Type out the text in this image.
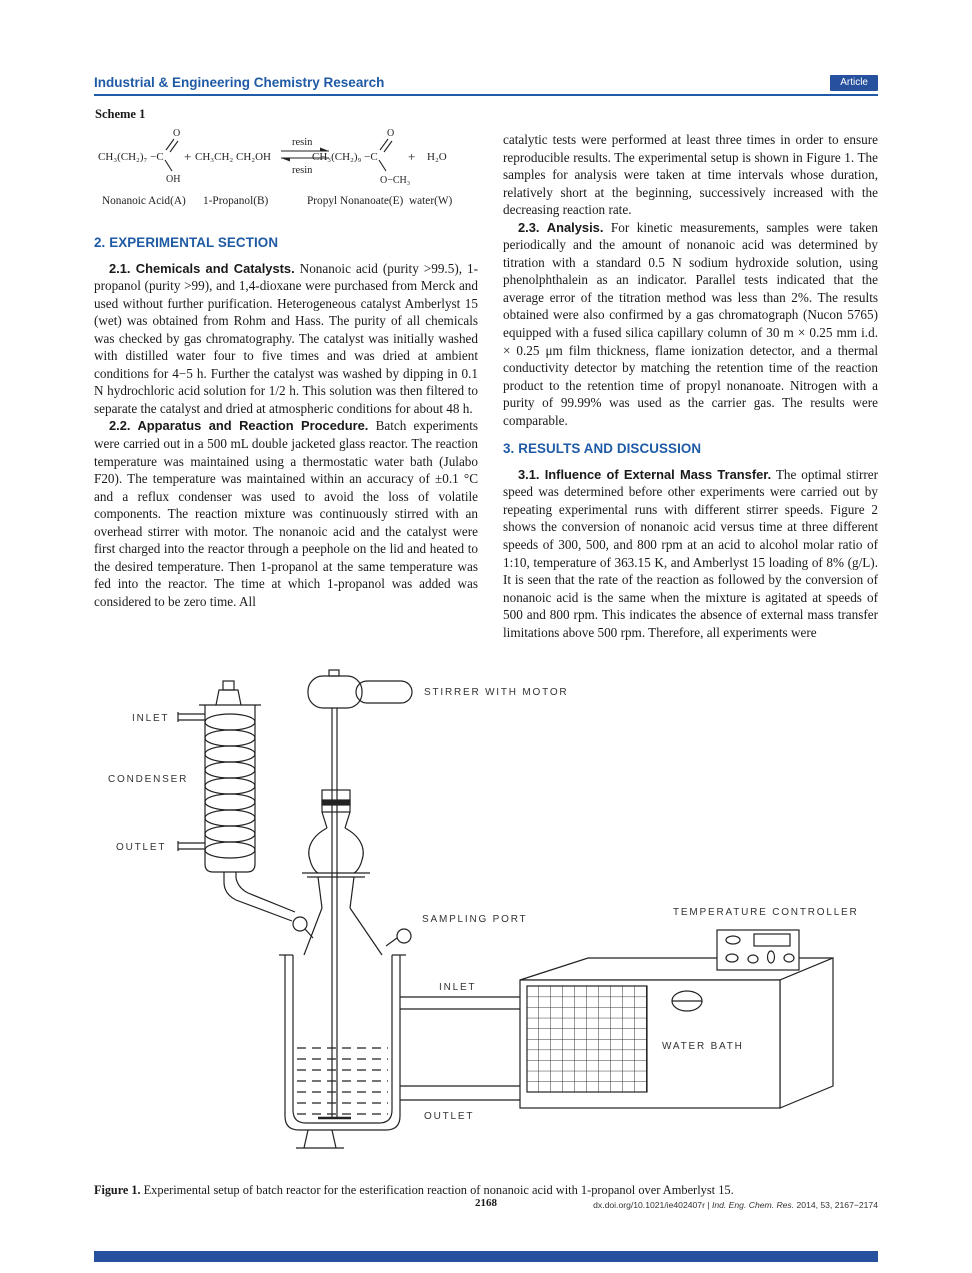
Industrial & Engineering Chemistry Research	Article
Scheme 1
CH₃(CH₂)₇ −C
O
OH
+ CH₃CH₂ CH₂OH
resin
resin
CH₃(CH₂)₉ −C
O
O−CH₃
+ H₂O
Nonanoic Acid(A) 1-Propanol(B)	Propyl Nonanoate(E) water(W)
2. EXPERIMENTAL SECTION

2.1. Chemicals and Catalysts. Nonanoic acid (purity >99.5), 1-propanol (purity >99), and 1,4-dioxane were purchased from Merck and used without further purification. Heterogeneous catalyst Amberlyst 15 (wet) was obtained from Rohm and Hass. The purity of all chemicals was checked by gas chromatography. The catalyst was initially washed with distilled water four to five times and was dried at ambient conditions for 4−5 h. Further the catalyst was washed by dipping in 0.1 N hydrochloric acid solution for 1/2 h. This solution was then filtered to separate the catalyst and dried at atmospheric conditions for about 48 h.

2.2. Apparatus and Reaction Procedure. Batch experiments were carried out in a 500 mL double jacketed glass reactor. The reaction temperature was maintained using a thermostatic water bath (Julabo F20). The temperature was maintained within an accuracy of ±0.1 °C and a reflux condenser was used to avoid the loss of volatile components. The reaction mixture was continuously stirred with an overhead stirrer with motor. The nonanoic acid and the catalyst were first charged into the reactor through a peephole on the lid and heated to the desired temperature. Then 1-propanol at the same temperature was fed into the reactor. The time at which 1-propanol was added was considered to be zero time. All

catalytic tests were performed at least three times in order to ensure reproducible results. The experimental setup is shown in Figure 1. The samples for analysis were taken at time intervals whose duration, relatively short at the beginning, successively increased with the decreasing reaction rate.

2.3. Analysis. For kinetic measurements, samples were taken periodically and the amount of nonanoic acid was determined by titration with a standard 0.5 N sodium hydroxide solution, using phenolphthalein as an indicator. Parallel tests indicated that the average error of the titration method was less than 2%. The results obtained were also confirmed by a gas chromatograph (Nucon 5765) equipped with a fused silica capillary column of 30 m × 0.25 mm i.d. × 0.25 μm film thickness, flame ionization detector, and a thermal conductivity detector by matching the retention time of the reaction product to the retention time of propyl nonanoate. Nitrogen with a purity of 99.99% was used as the carrier gas. The results were comparable.

3. RESULTS AND DISCUSSION

3.1. Influence of External Mass Transfer. The optimal stirrer speed was determined before other experiments were carried out by repeating experimental runs with different stirrer speeds. Figure 2 shows the conversion of nonanoic acid versus time at three different speeds of 300, 500, and 800 rpm at an acid to alcohol molar ratio of 1:10, temperature of 363.15 K, and Amberlyst 15 loading of 8% (g/L). It is seen that the rate of the reaction as followed by the conversion of nonanoic acid is the same when the mixture is agitated at speeds of 500 and 800 rpm. This indicates the absence of external mass transfer limitations above 500 rpm. Therefore, all experiments were

STIRRER WITH MOTOR
INLET
CONDENSER
OUTLET
SAMPLING PORT
TEMPERATURE CONTROLLER
INLET
WATER BATH
OUTLET

Figure 1. Experimental setup of batch reactor for the esterification reaction of nonanoic acid with 1-propanol over Amberlyst 15.

2168	dx.doi.org/10.1021/ie402407r | Ind. Eng. Chem. Res. 2014, 53, 2167−2174
